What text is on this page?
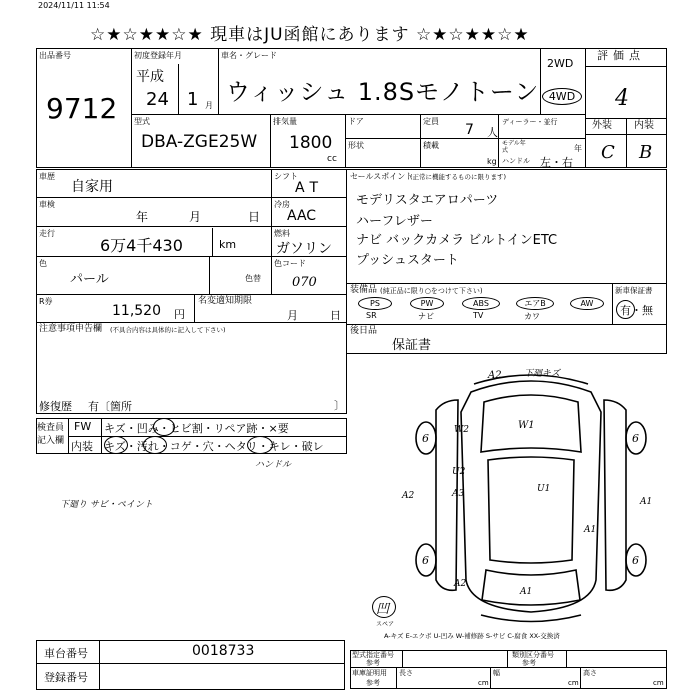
2024/11/11 11:54
☆★☆★★☆★ 現車はJU函館にあります ☆★☆★★☆★
出品番号
9712
初度登録年月
平成
24 1 月
車名・グレード
ウィッシュ 1.8Sモノトーン
2WD
4WD
型式
DBA-ZGE25W
排気量
1800
cc
ドア	定員
7 人
ディーラー・並行
形状	積載
kg
モデル年式	年
ハンドル 左・右
評価点
4
外装 内装
C B
車歴
自家用
車検
年	月	日
走行
6万4千430	km
色
パール	色替
シフト
AT
冷房
AAC
燃料
ガソリン
色コード
070
セールスポイント
(正常に機能するものに限ります)
モデリスタエアロパーツ
ハーフレザー
ナビ バックカメラ ビルトインETC
プッシュスタート
R券
11,520 円
名変適知期限
月	日
装備品 (純正品に限り○をつけて下さい)
PS
SR
PW
ナビ
ABS
TV
エアB
カワ
AW
新車保証書
有・無
注意事項申告欄 (不具合内容は具体的に記入して下さい)
修復歴 有〔箇所	〕
後日品
保証書
検査員
記入欄
FW キズ・凹み・ヒビ割・リペア跡・×要
内装 キズ・汚れ・コゲ・穴・ヘタリ・キレ・破レ
ハンドル
下廻り サビ・ペイント
A2 下廻キズ
W1
W2
U1
U2
A3
A2
A1
A1
A1
A2
6	6
6	6
凹
スペア
A-キズ E-エクボ U-凹み W-補修跡 S-サビ C-腐食 XX-交換済
車台番号	0018733
登録番号
型式指定番号
参考
類別区分番号
参考
車庫証明用
参考
長さ
cm
幅
cm
高さ
cm
